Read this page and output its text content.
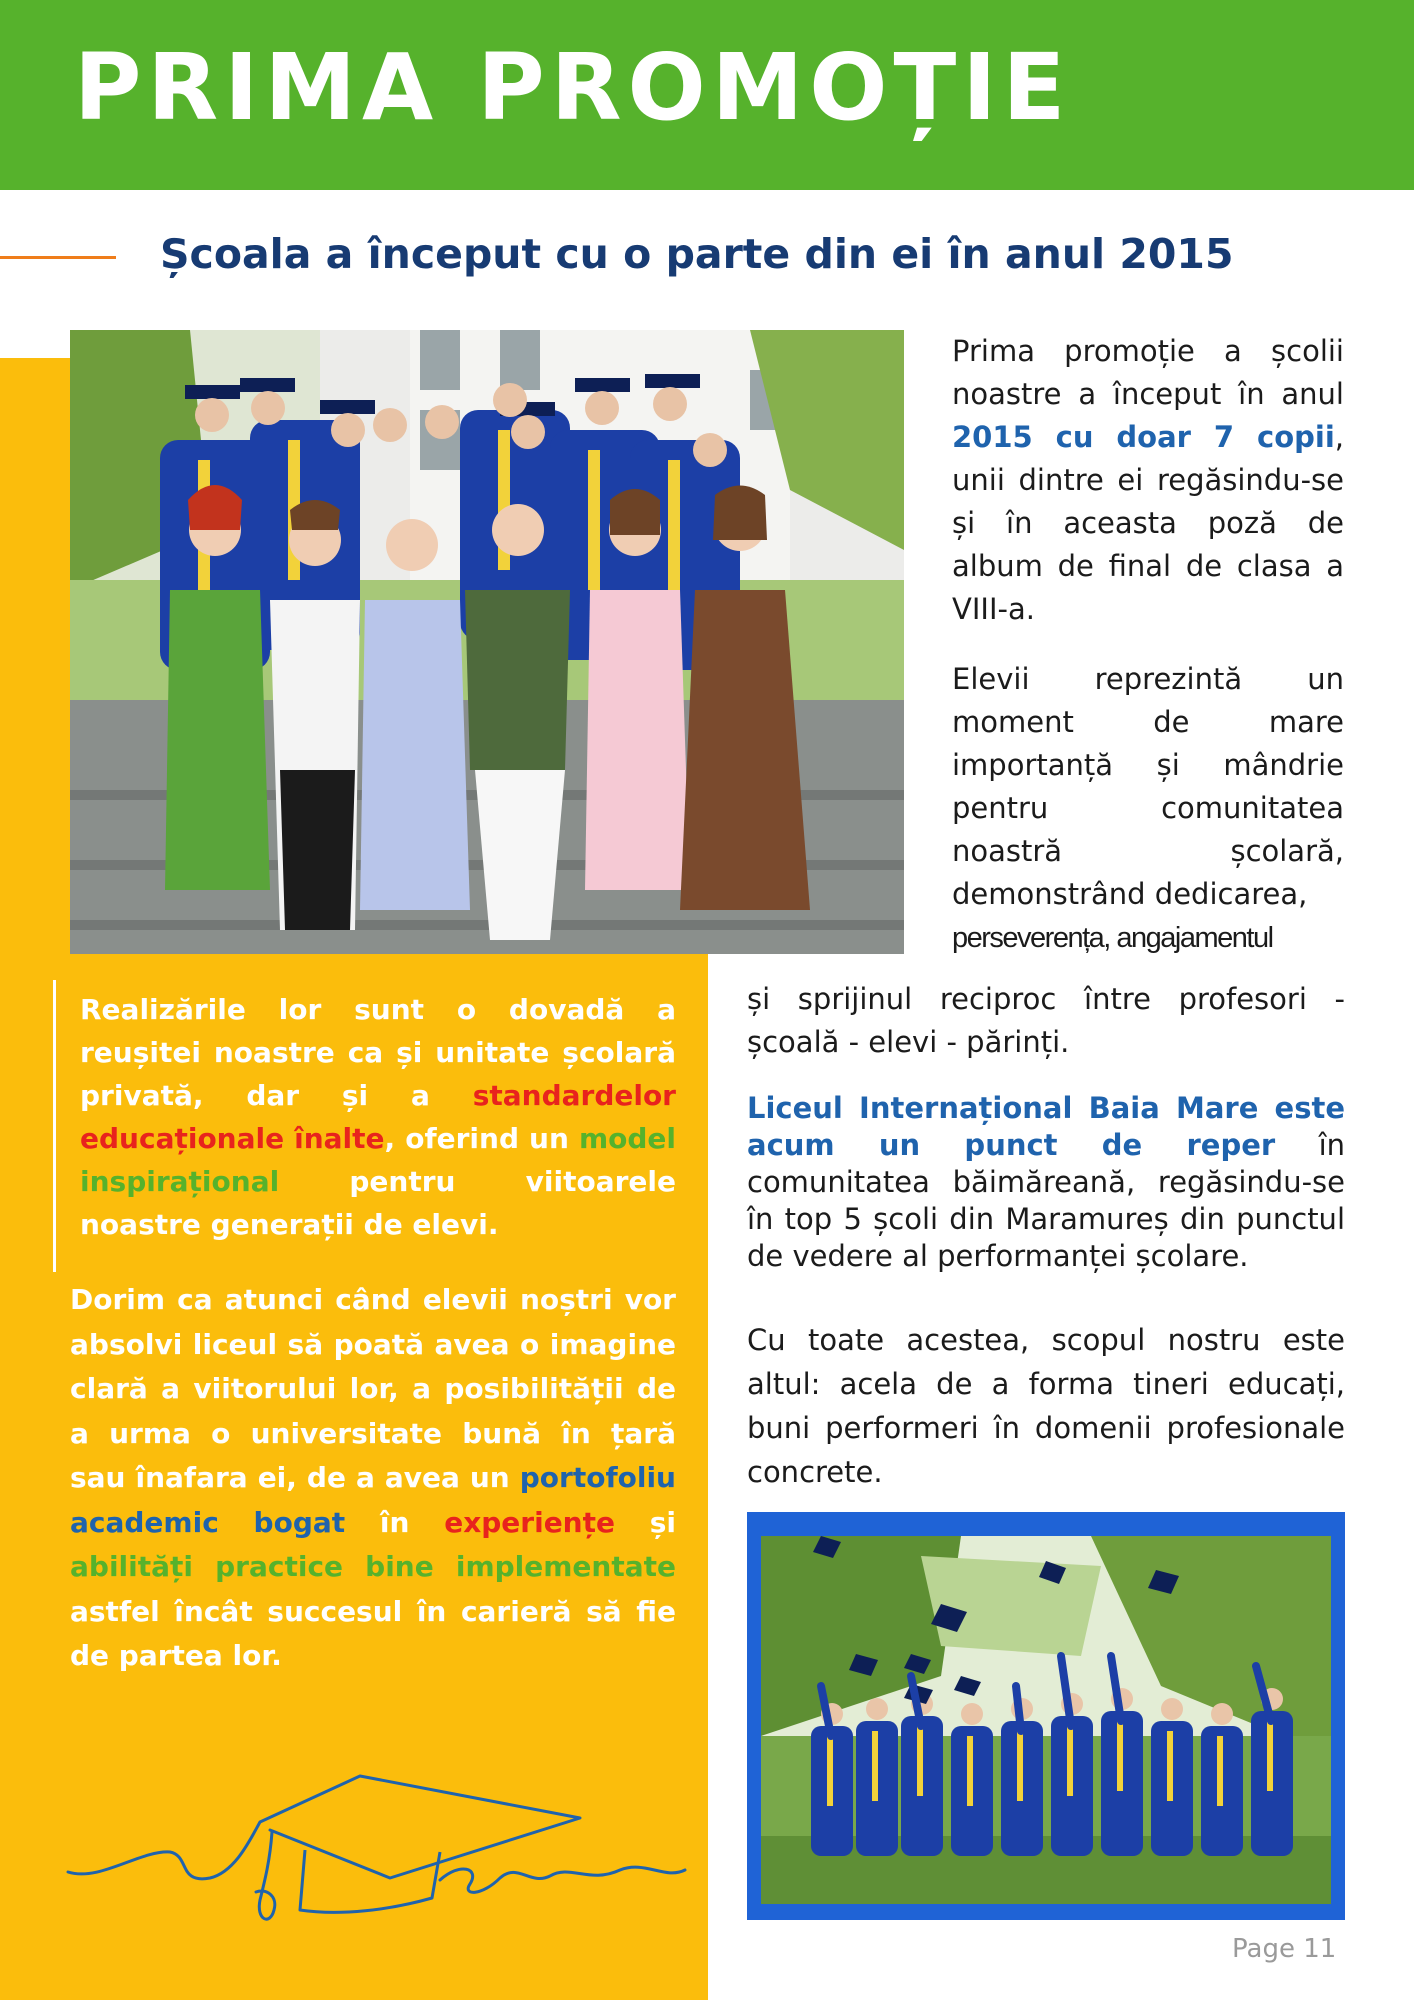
PRIMA PROMOȚIE
Școala a început cu o parte din ei în anul 2015

Prima promoție a școlii noastre a început în anul 2015 cu doar 7 copii, unii dintre ei regăsindu-se și în aceasta poză de album de final de clasa a VIII-a.

Elevii reprezintă un moment de mare importanță și mândrie pentru comunitatea noastră școlară, demonstrând dedicarea,

perseverența, angajamentul

și sprijinul reciproc între profesori - școală - elevi - părinți.

Liceul Internațional Baia Mare este acum un punct de reper în comunitatea băimăreană, regăsindu-se în top 5 școli din Maramureș din punctul de vedere al performanței școlare.

Cu toate acestea, scopul nostru este altul: acela de a forma tineri educați, buni performeri în domenii profesionale concrete.

Realizările lor sunt o dovadă a reușitei noastre ca și unitate școlară privată, dar și a standardelor educaționale înalte, oferind un model inspirațional pentru viitoarele noastre generații de elevi.

Dorim ca atunci când elevii noștri vor absolvi liceul să poată avea o imagine clară a viitorului lor, a posibilității de a urma o universitate bună în țară sau înafara ei, de a avea un portofoliu academic bogat în experiențe și abilități practice bine implementate astfel încât succesul în carieră să fie de partea lor.

Page 11
